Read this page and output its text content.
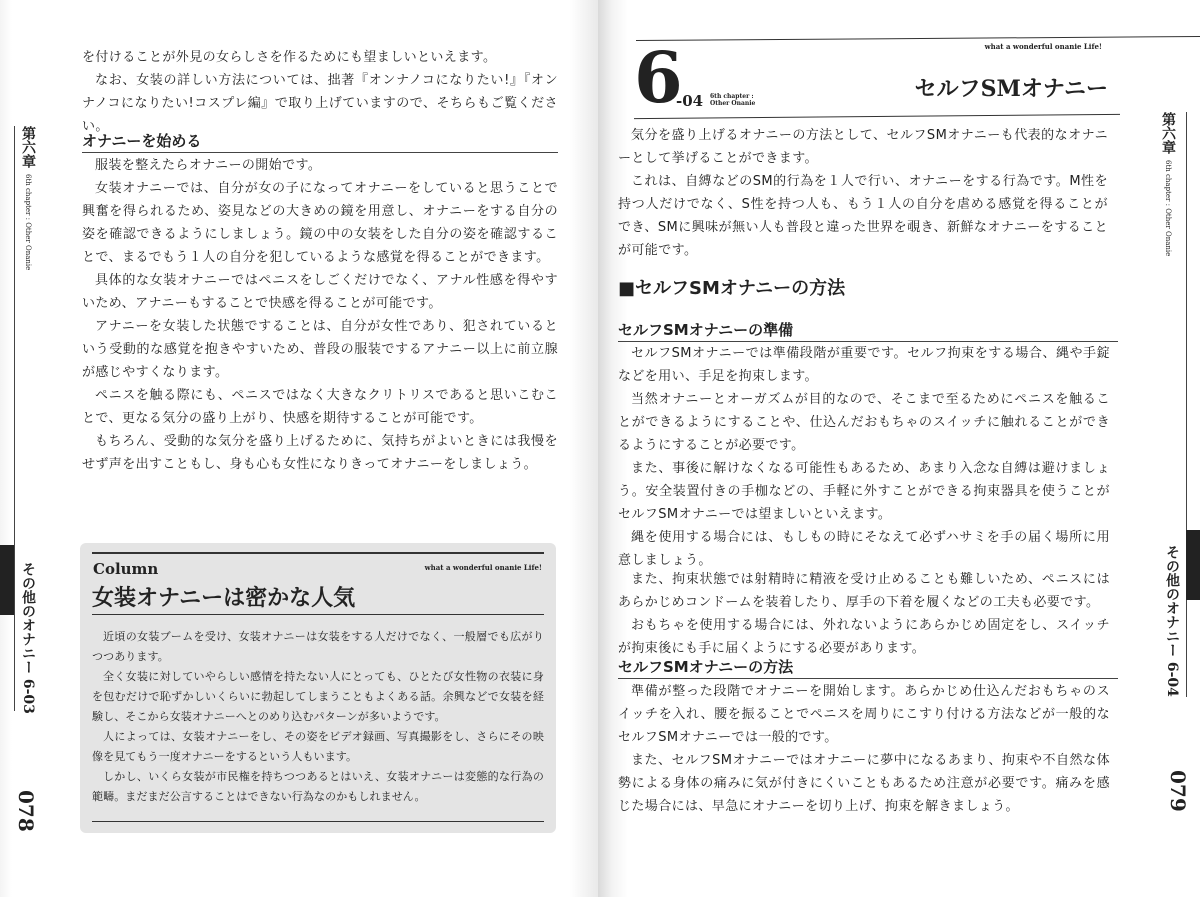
を付けることが外見の女らしさを作るためにも望ましいといえます。

なお、女装の詳しい方法については、拙著『オンナノコになりたい!』『オンナノコになりたい!コスプレ編』で取り上げていますので、そちらもご覧ください。

オナニーを始める

服装を整えたらオナニーの開始です。

女装オナニーでは、自分が女の子になってオナニーをしていると思うことで興奮を得られるため、姿見などの大きめの鏡を用意し、オナニーをする自分の姿を確認できるようにしましょう。鏡の中の女装をした自分の姿を確認することで、まるでもう１人の自分を犯しているような感覚を得ることができます。

具体的な女装オナニーではペニスをしごくだけでなく、アナル性感を得やすいため、アナニーもすることで快感を得ることが可能です。

アナニーを女装した状態ですることは、自分が女性であり、犯されているという受動的な感覚を抱きやすいため、普段の服装でするアナニー以上に前立腺が感じやすくなります。

ペニスを触る際にも、ペニスではなく大きなクリトリスであると思いこむことで、更なる気分の盛り上がり、快感を期待することが可能です。

もちろん、受動的な気分を盛り上げるために、気持ちがよいときには我慢をせず声を出すこともし、身も心も女性になりきってオナニーをしましょう。

Column	what a wonderful onanie Life!
女装オナニーは密かな人気

近頃の女装ブームを受け、女装オナニーは女装をする人だけでなく、一般層でも広がりつつあります。

全く女装に対していやらしい感情を持たない人にとっても、ひとたび女性物の衣装に身を包むだけで恥ずかしいくらいに勃起してしまうこともよくある話。余興などで女装を経験し、そこから女装オナニーへとのめり込むパターンが多いようです。

人によっては、女装オナニーをし、その姿をビデオ録画、写真撮影をし、さらにその映像を見てもう一度オナニーをするという人もいます。

しかし、いくら女装が市民権を持ちつつあるとはいえ、女装オナニーは変態的な行為の範疇。まだまだ公言することはできない行為なのかもしれません。

第六章6th chapter : Other Onanie
その他のオナニー 6-03
078
what a wonderful onanie Life!
6
-04 6th chapter :
Other Onanie
セルフSMオナニー

気分を盛り上げるオナニーの方法として、セルフSMオナニーも代表的なオナニーとして挙げることができます。

これは、自縛などのSM的行為を１人で行い、オナニーをする行為です。M性を持つ人だけでなく、S性を持つ人も、もう１人の自分を虐める感覚を得ることができ、SMに興味が無い人も普段と違った世界を覗き、新鮮なオナニーをすることが可能です。

■セルフSMオナニーの方法
セルフSMオナニーの準備

セルフSMオナニーでは準備段階が重要です。セルフ拘束をする場合、縄や手錠などを用い、手足を拘束します。

当然オナニーとオーガズムが目的なので、そこまで至るためにペニスを触ることができるようにすることや、仕込んだおもちゃのスイッチに触れることができるようにすることが必要です。

また、事後に解けなくなる可能性もあるため、あまり入念な自縛は避けましょう。安全装置付きの手枷などの、手軽に外すことができる拘束器具を使うことがセルフSMオナニーでは望ましいといえます。

縄を使用する場合には、もしもの時にそなえて必ずハサミを手の届く場所に用意しましょう。

また、拘束状態では射精時に精液を受け止めることも難しいため、ペニスにはあらかじめコンドームを装着したり、厚手の下着を履くなどの工夫も必要です。

おもちゃを使用する場合には、外れないようにあらかじめ固定をし、スイッチが拘束後にも手に届くようにする必要があります。

セルフSMオナニーの方法

準備が整った段階でオナニーを開始します。あらかじめ仕込んだおもちゃのスイッチを入れ、腰を振ることでペニスを周りにこすり付ける方法などが一般的なセルフSMオナニーでは一般的です。

また、セルフSMオナニーではオナニーに夢中になるあまり、拘束や不自然な体勢による身体の痛みに気が付きにくいこともあるため注意が必要です。痛みを感じた場合には、早急にオナニーを切り上げ、拘束を解きましょう。

第六章6th chapter : Other Onanie
その他のオナニー 6-04
079
